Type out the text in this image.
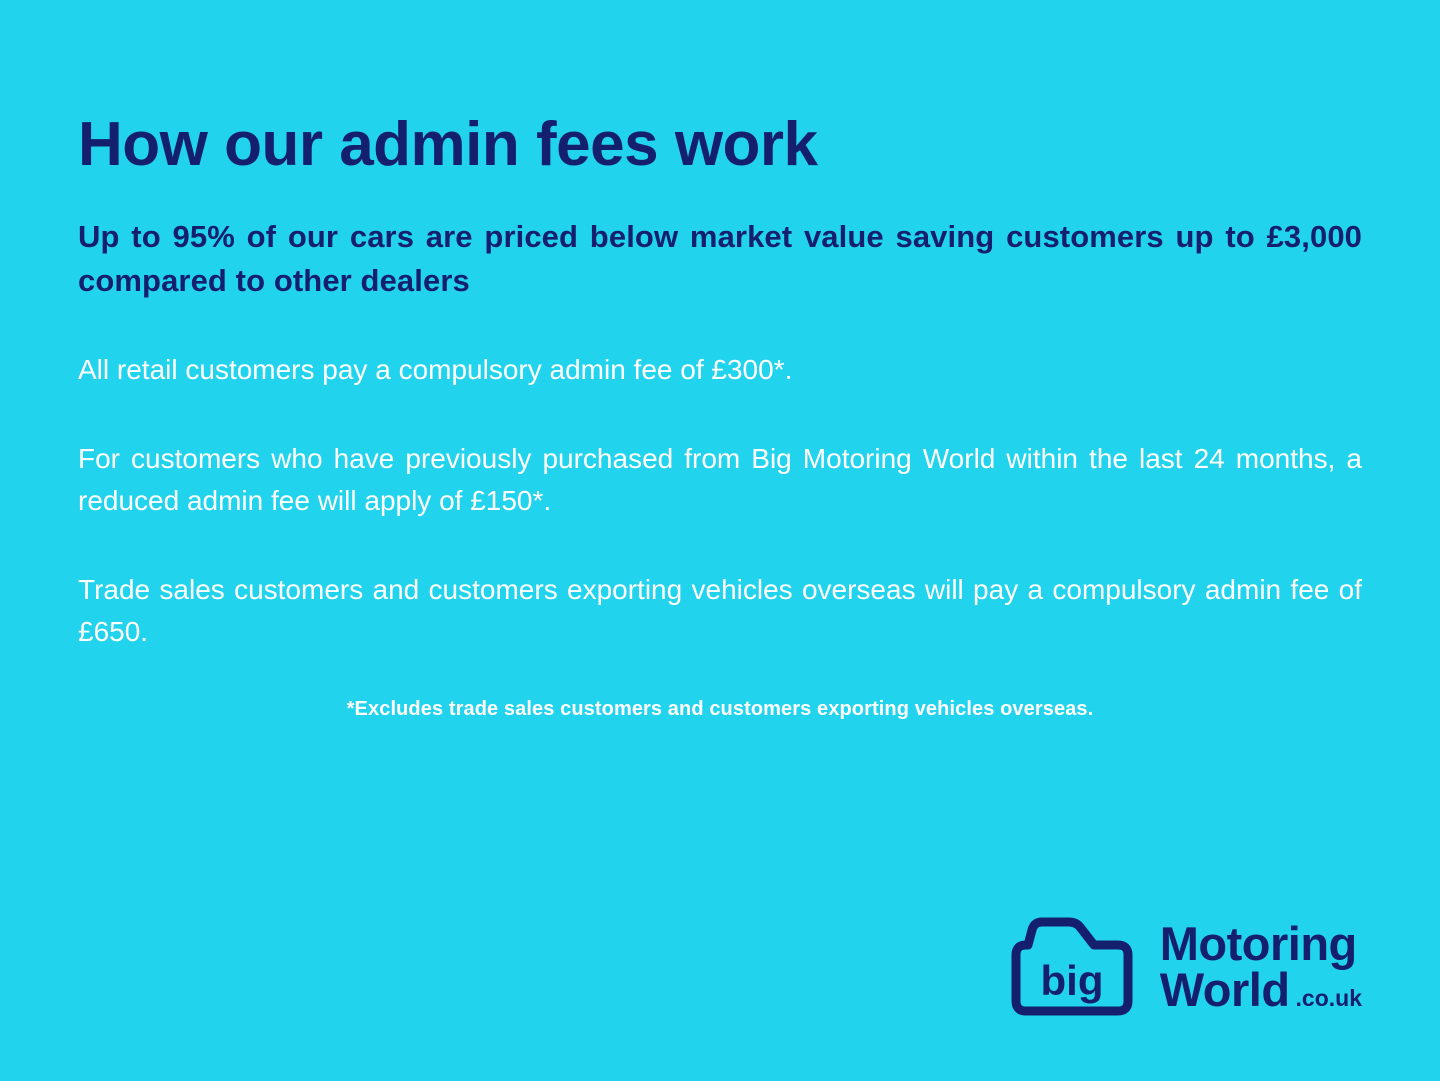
How our admin fees work

Up to 95% of our cars are priced below market value saving customers up to £3,000 compared to other dealers

All retail customers pay a compulsory admin fee of £300*.

For customers who have previously purchased from Big Motoring World within the last 24 months, a reduced admin fee will apply of £150*.

Trade sales customers and customers exporting vehicles overseas will pay a compulsory admin fee of £650.

*Excludes trade sales customers and customers exporting vehicles overseas.
big
Motoring
World .co.uk
